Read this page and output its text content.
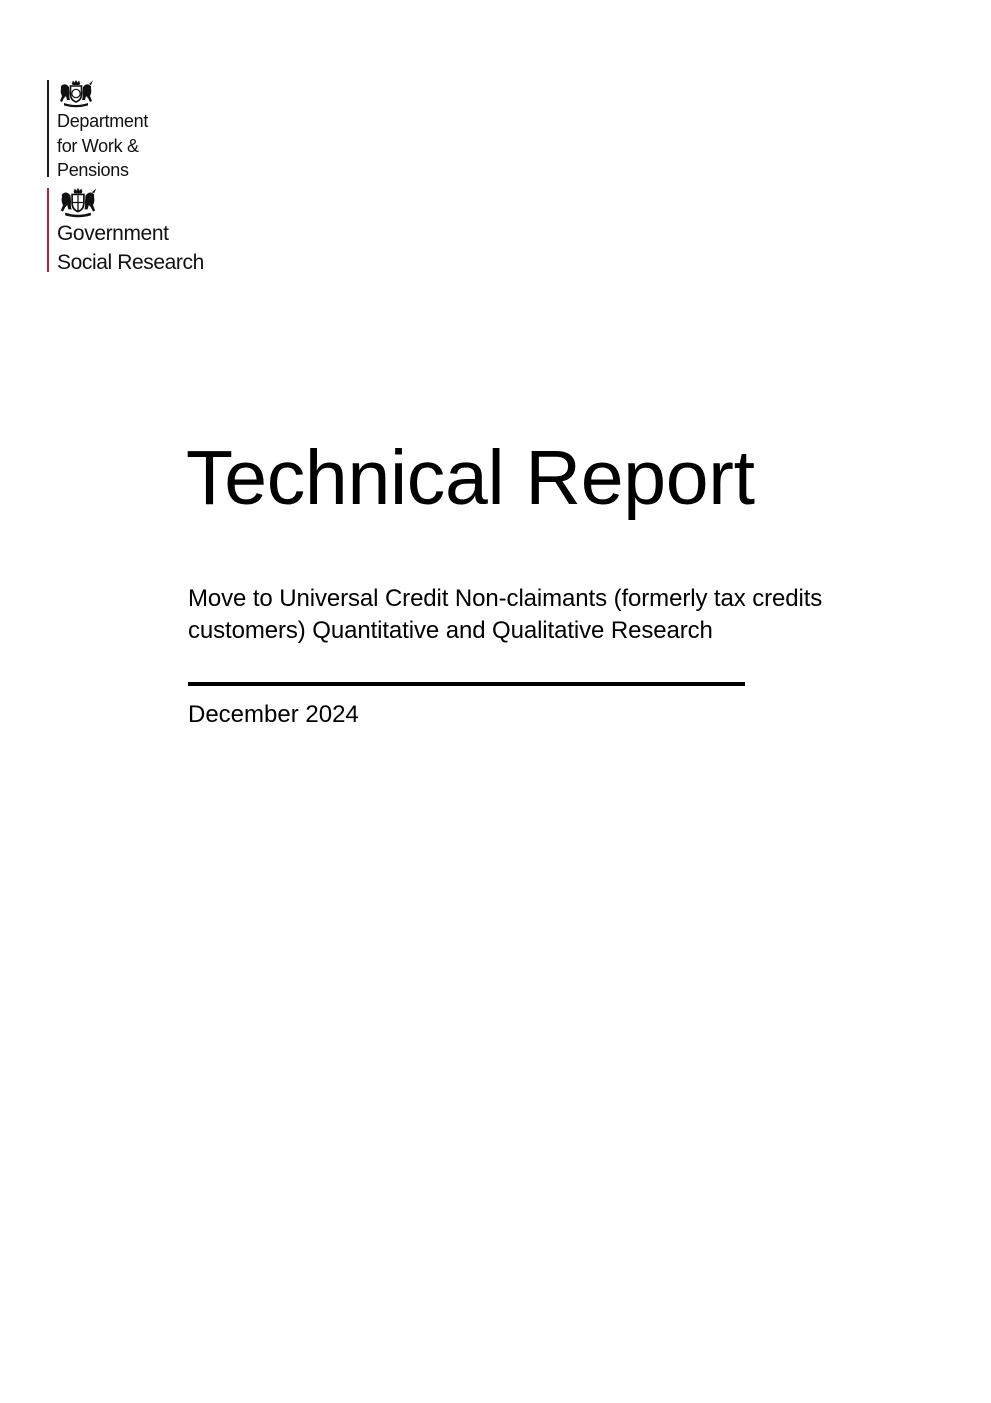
Department

for Work &

Pensions

Government

Social Research

Technical Report

Move to Universal Credit Non-claimants (formerly tax credits customers) Quantitative and Qualitative Research

December 2024
